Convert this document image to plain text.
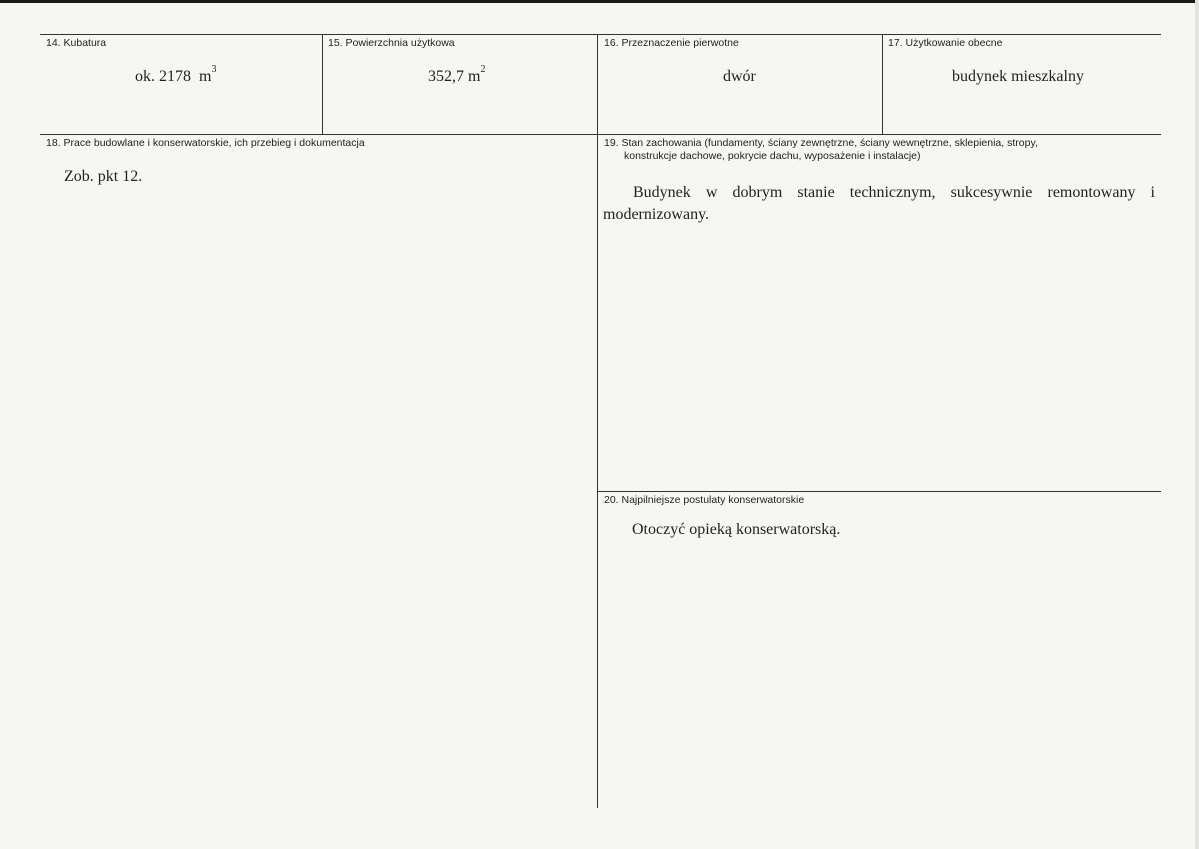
14. Kubatura
ok. 2178 $m^3$
15. Powierzchnia użytkowa
352,7 $m^2$
16. Przeznaczenie pierwotne
dwór
17. Użytkowanie obecne
budynek mieszkalny
18. Prace budowlane i konserwatorskie, ich przebieg i dokumentacja
Zob. pkt 12.
19. Stan zachowania (fundamenty, ściany zewnętrzne, ściany wewnętrzne, sklepienia, stropy,
konstrukcje dachowe, pokrycie dachu, wyposażenie i instalacje)
Budynek w dobrym stanie technicznym, sukcesywnie remontowany i modernizowany.
20. Najpilniejsze postulaty konserwatorskie
Otoczyć opieką konserwatorską.
